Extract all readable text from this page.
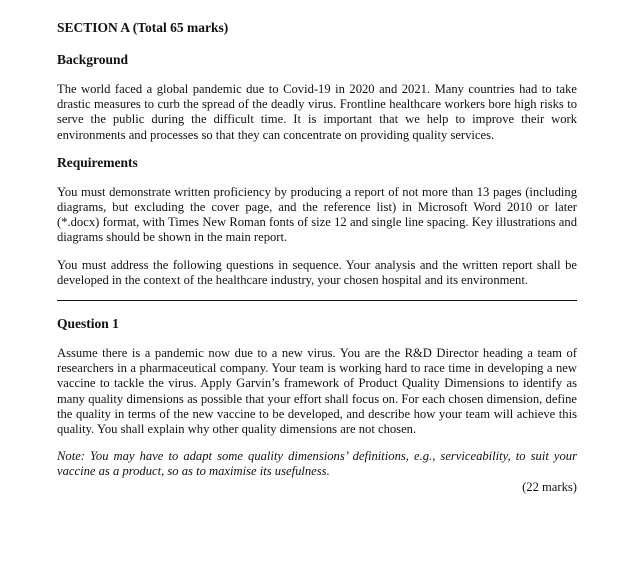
SECTION A (Total 65 marks)

Background

The world faced a global pandemic due to Covid-19 in 2020 and 2021. Many countries had to take drastic measures to curb the spread of the deadly virus. Frontline healthcare workers bore high risks to serve the public during the difficult time. It is important that we help to improve their work environments and processes so that they can concentrate on providing quality services.

Requirements

You must demonstrate written proficiency by producing a report of not more than 13 pages (including diagrams, but excluding the cover page, and the reference list) in Microsoft Word 2010 or later (*.docx) format, with Times New Roman fonts of size 12 and single line spacing. Key illustrations and diagrams should be shown in the main report.

You must address the following questions in sequence. Your analysis and the written report shall be developed in the context of the healthcare industry, your chosen hospital and its environment.

Question 1

Assume there is a pandemic now due to a new virus. You are the R&D Director heading a team of researchers in a pharmaceutical company. Your team is working hard to race time in developing a new vaccine to tackle the virus. Apply Garvin’s framework of Product Quality Dimensions to identify as many quality dimensions as possible that your effort shall focus on. For each chosen dimension, define the quality in terms of the new vaccine to be developed, and describe how your team will achieve this quality. You shall explain why other quality dimensions are not chosen.

Note: You may have to adapt some quality dimensions’ definitions, e.g., serviceability, to suit your vaccine as a product, so as to maximise its usefulness.

(22 marks)
